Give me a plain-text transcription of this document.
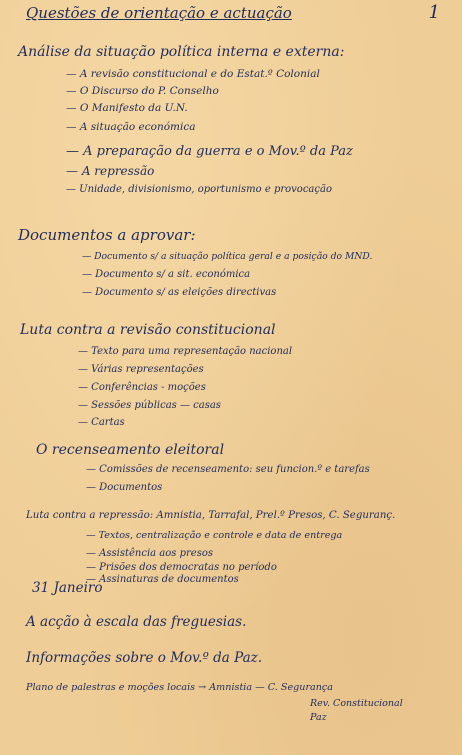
Questões de orientação e actuação	1
Análise da situação política interna e externa:
— A revisão constitucional e do Estat.º Colonial
— O Discurso do P. Conselho
— O Manifesto da U.N.
— A situação económica
— A preparação da guerra e o Mov.º da Paz
— A repressão
— Unidade, divisionismo, oportunismo e provocação
Documentos a aprovar:
— Documento s/ a situação política geral e a posição do MND.
— Documento s/ a sit. económica
— Documento s/ as eleições directivas
Luta contra a revisão constitucional
— Texto para uma representação nacional
— Várias representações
— Conferências - moções
— Sessões públicas — casas
— Cartas
O recenseamento eleitoral
— Comissões de recenseamento: seu funcion.º e tarefas
— Documentos
Luta contra a repressão: Amnistia, Tarrafal, Prel.º Presos, C. Seguranç.
— Textos, centralização e controle e data de entrega
— Assistência aos presos
— Prisões dos democratas no período
— Assinaturas de documentos
31 Janeiro
A acção à escala das freguesias.
Informações sobre o Mov.º da Paz.
Plano de palestras e moções locais → Amnistia — C. Segurança
Rev. Constitucional
Paz
